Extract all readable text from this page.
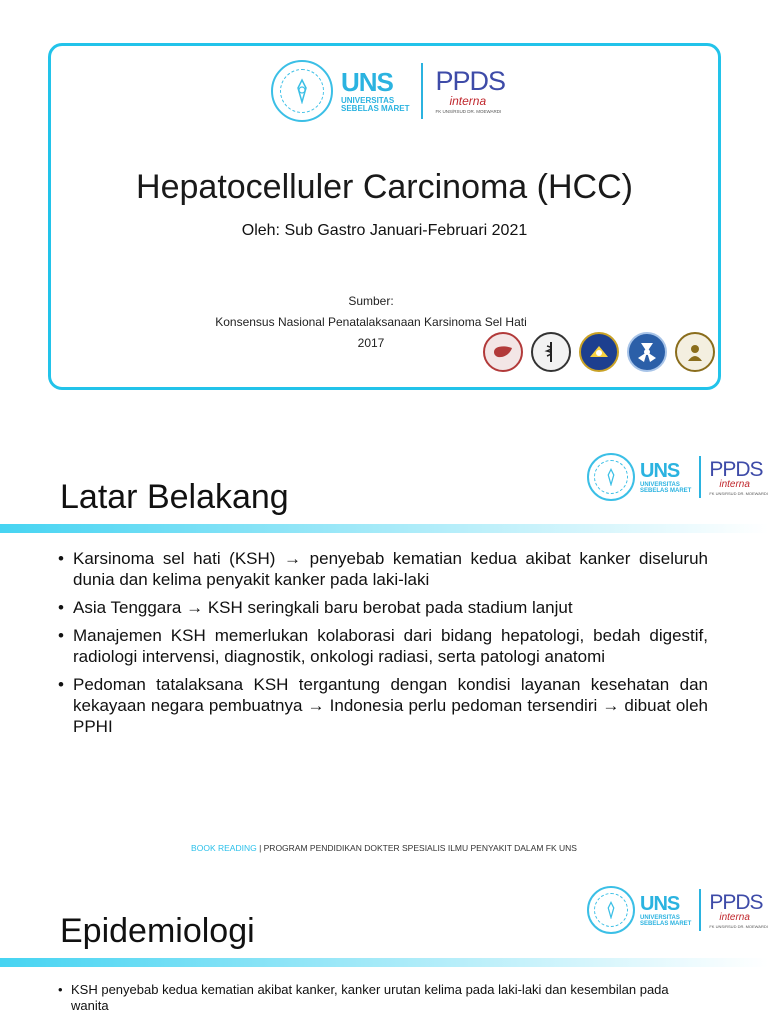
UNS
UNIVERSITAS
SEBELAS MARET
PPDS
interna
FK UNS/RSUD DR. MOEWARDI
Hepatocelluler Carcinoma (HCC)
Oleh: Sub Gastro Januari-Februari 2021
Sumber:
Konsensus Nasional Penatalaksanaan Karsinoma Sel Hati
2017
UNS
UNIVERSITAS
SEBELAS MARET
PPDS
interna
FK UNS/RSUD DR. MOEWARDI
Latar Belakang
• Karsinoma sel hati (KSH) → penyebab kematian kedua akibat kanker diseluruh dunia dan kelima penyakit kanker pada laki-laki
• Asia Tenggara → KSH seringkali baru berobat pada stadium lanjut
• Manajemen KSH memerlukan kolaborasi dari bidang hepatologi, bedah digestif, radiologi intervensi, diagnostik, onkologi radiasi, serta patologi anatomi
• Pedoman tatalaksana KSH tergantung dengan kondisi layanan kesehatan dan kekayaan negara pembuatnya → Indonesia perlu pedoman tersendiri → dibuat oleh PPHI
BOOK READING | PROGRAM PENDIDIKAN DOKTER SPESIALIS ILMU PENYAKIT DALAM FK UNS
UNS
UNIVERSITAS
SEBELAS MARET
PPDS
interna
FK UNS/RSUD DR. MOEWARDI
Epidemiologi
• KSH penyebab kedua kematian akibat kanker, kanker urutan kelima pada laki-laki dan kesembilan pada wanita
